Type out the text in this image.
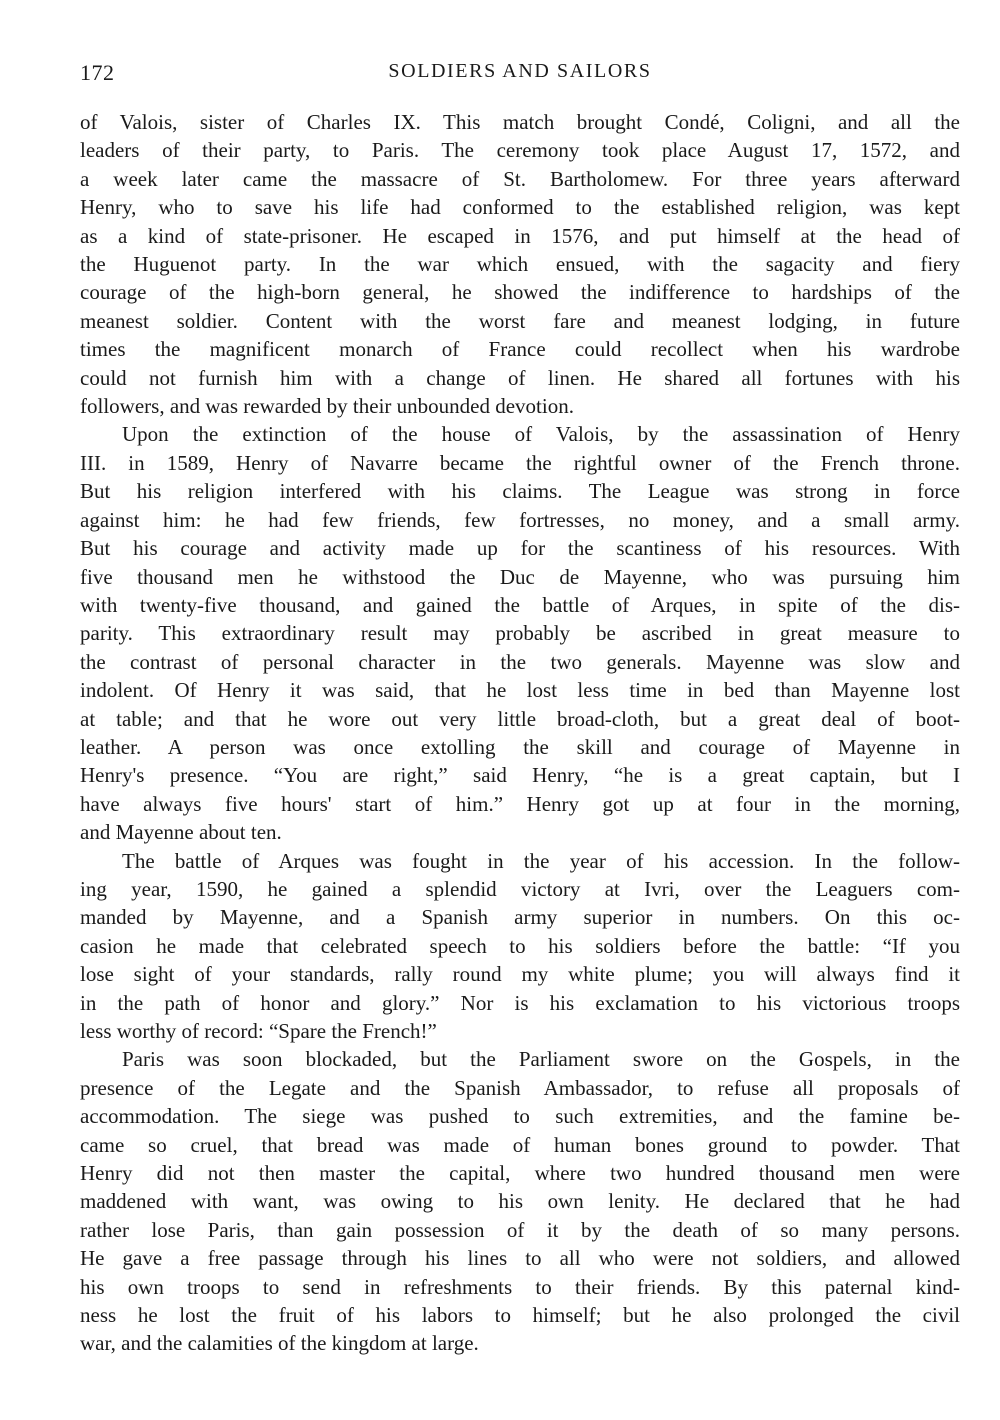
172	SOLDIERS AND SAILORS
of Valois, sister of Charles IX. This match brought Condé, Coligni, and all the
leaders of their party, to Paris. The ceremony took place August 17, 1572, and
a week later came the massacre of St. Bartholomew. For three years afterward
Henry, who to save his life had conformed to the established religion, was kept
as a kind of state-prisoner. He escaped in 1576, and put himself at the head of
the Huguenot party. In the war which ensued, with the sagacity and fiery
courage of the high-born general, he showed the indifference to hardships of the
meanest soldier. Content with the worst fare and meanest lodging, in future
times the magnificent monarch of France could recollect when his wardrobe
could not furnish him with a change of linen. He shared all fortunes with his
followers, and was rewarded by their unbounded devotion.
Upon the extinction of the house of Valois, by the assassination of Henry
III. in 1589, Henry of Navarre became the rightful owner of the French throne.
But his religion interfered with his claims. The League was strong in force
against him: he had few friends, few fortresses, no money, and a small army.
But his courage and activity made up for the scantiness of his resources. With
five thousand men he withstood the Duc de Mayenne, who was pursuing him
with twenty-five thousand, and gained the battle of Arques, in spite of the dis-
parity. This extraordinary result may probably be ascribed in great measure to
the contrast of personal character in the two generals. Mayenne was slow and
indolent. Of Henry it was said, that he lost less time in bed than Mayenne lost
at table; and that he wore out very little broad-cloth, but a great deal of boot-
leather. A person was once extolling the skill and courage of Mayenne in
Henry's presence. “You are right,” said Henry, “he is a great captain, but I
have always five hours' start of him.” Henry got up at four in the morning,
and Mayenne about ten.
The battle of Arques was fought in the year of his accession. In the follow-
ing year, 1590, he gained a splendid victory at Ivri, over the Leaguers com-
manded by Mayenne, and a Spanish army superior in numbers. On this oc-
casion he made that celebrated speech to his soldiers before the battle: “If you
lose sight of your standards, rally round my white plume; you will always find it
in the path of honor and glory.” Nor is his exclamation to his victorious troops
less worthy of record: “Spare the French!”
Paris was soon blockaded, but the Parliament swore on the Gospels, in the
presence of the Legate and the Spanish Ambassador, to refuse all proposals of
accommodation. The siege was pushed to such extremities, and the famine be-
came so cruel, that bread was made of human bones ground to powder. That
Henry did not then master the capital, where two hundred thousand men were
maddened with want, was owing to his own lenity. He declared that he had
rather lose Paris, than gain possession of it by the death of so many persons.
He gave a free passage through his lines to all who were not soldiers, and allowed
his own troops to send in refreshments to their friends. By this paternal kind-
ness he lost the fruit of his labors to himself; but he also prolonged the civil
war, and the calamities of the kingdom at large.
